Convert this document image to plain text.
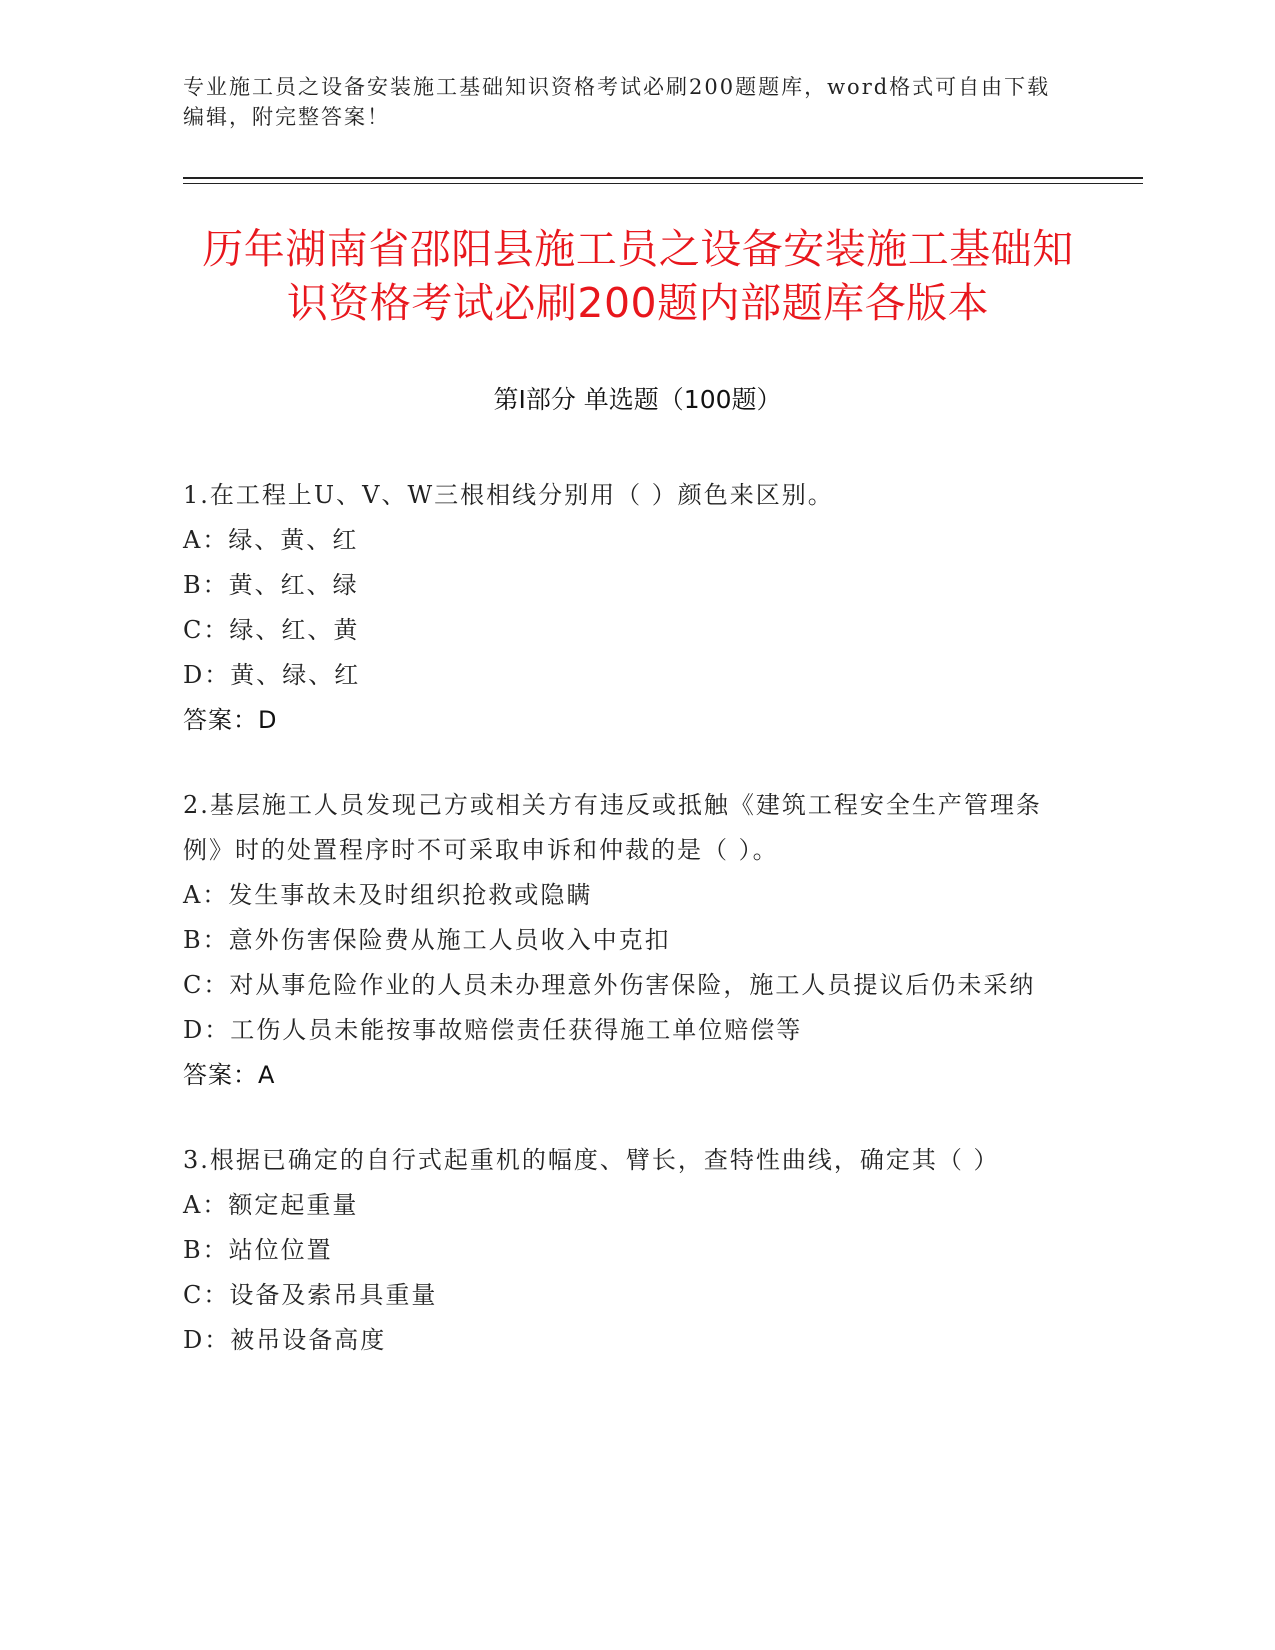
专业施工员之设备安装施工基础知识资格考试必刷200题题库，word格式可自由下载编辑，附完整答案！
历年湖南省邵阳县施工员之设备安装施工基础知识资格考试必刷200题内部题库各版本
第Ⅰ部分 单选题（100题）
1.在工程上U、V、W三根相线分别用（ ）颜色来区别。
A：绿、黄、红
B：黄、红、绿
C：绿、红、黄
D：黄、绿、红
答案：D
2.基层施工人员发现己方或相关方有违反或抵触《建筑工程安全生产管理条例》时的处置程序时不可采取申诉和仲裁的是（ ）。
A：发生事故未及时组织抢救或隐瞒
B：意外伤害保险费从施工人员收入中克扣
C：对从事危险作业的人员未办理意外伤害保险，施工人员提议后仍未采纳
D：工伤人员未能按事故赔偿责任获得施工单位赔偿等
答案：A
3.根据已确定的自行式起重机的幅度、臂长，查特性曲线，确定其（ ）
A：额定起重量
B：站位位置
C：设备及索吊具重量
D：被吊设备高度
